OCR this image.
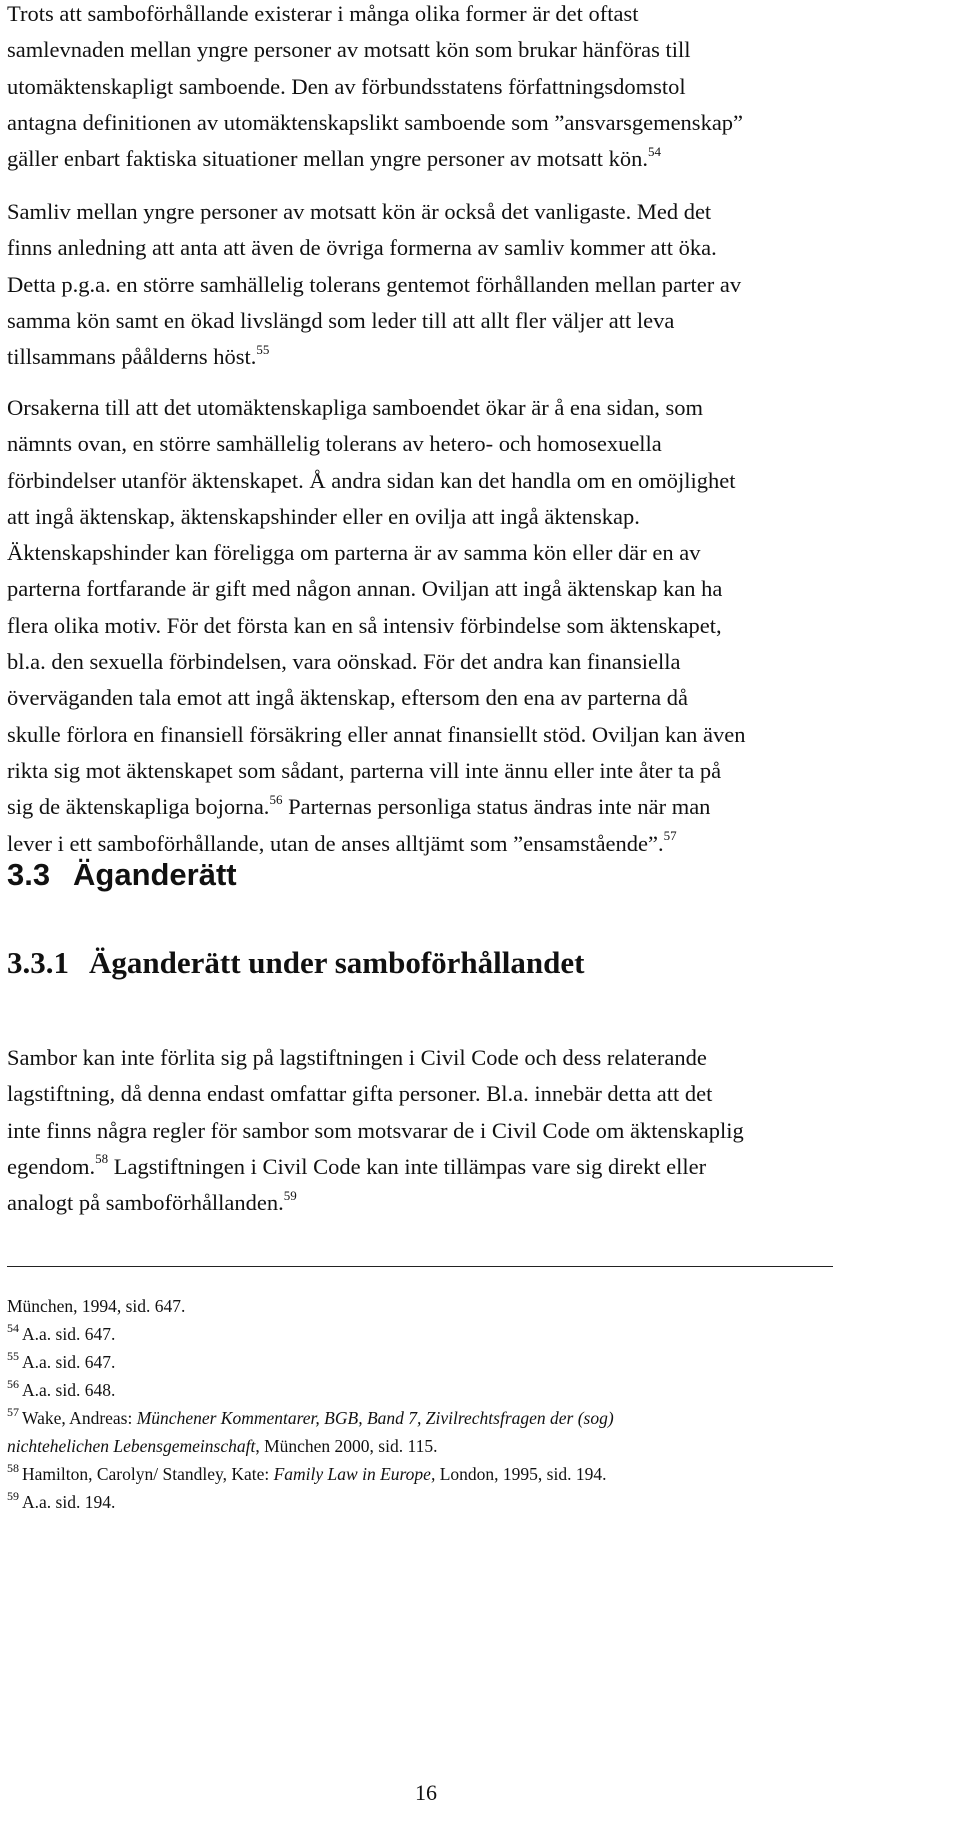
Trots att samboförhållande existerar i många olika former är det oftast
samlevnaden mellan yngre personer av motsatt kön som brukar hänföras till
utomäktenskapligt samboende. Den av förbundsstatens författningsdomstol
antagna definitionen av utomäktenskapslikt samboende som ”ansvarsgemenskap”
gäller enbart faktiska situationer mellan yngre personer av motsatt kön.$^{54}$

Samliv mellan yngre personer av motsatt kön är också det vanligaste. Med det
finns anledning att anta att även de övriga formerna av samliv kommer att öka.
Detta p.g.a. en större samhällelig tolerans gentemot förhållanden mellan parter av
samma kön samt en ökad livslängd som leder till att allt fler väljer att leva
tillsammans påålderns höst.$^{55}$

Orsakerna till att det utomäktenskapliga samboendet ökar är å ena sidan, som
nämnts ovan, en större samhällelig tolerans av hetero- och homosexuella
förbindelser utanför äktenskapet. Å andra sidan kan det handla om en omöjlighet
att ingå äktenskap, äktenskapshinder eller en ovilja att ingå äktenskap.
Äktenskapshinder kan föreligga om parterna är av samma kön eller där en av
parterna fortfarande är gift med någon annan. Oviljan att ingå äktenskap kan ha
flera olika motiv. För det första kan en så intensiv förbindelse som äktenskapet,
bl.a. den sexuella förbindelsen, vara oönskad. För det andra kan finansiella
överväganden tala emot att ingå äktenskap, eftersom den ena av parterna då
skulle förlora en finansiell försäkring eller annat finansiellt stöd. Oviljan kan även
rikta sig mot äktenskapet som sådant, parterna vill inte ännu eller inte åter ta på
sig de äktenskapliga bojorna.$^{56}$ Parternas personliga status ändras inte när man
lever i ett samboförhållande, utan de anses alltjämt som ”ensamstående”.$^{57}$

3.3 Äganderätt
3.3.1 Äganderätt under samboförhållandet

Sambor kan inte förlita sig på lagstiftningen i Civil Code och dess relaterande
lagstiftning, då denna endast omfattar gifta personer. Bl.a. innebär detta att det
inte finns några regler för sambor som motsvarar de i Civil Code om äktenskaplig
egendom.$^{58}$ Lagstiftningen i Civil Code kan inte tillämpas vare sig direkt eller
analogt på samboförhållanden.$^{59}$

München, 1994, sid. 647.

$^{54}$ A.a. sid. 647.

$^{55}$ A.a. sid. 647.

$^{56}$ A.a. sid. 648.

$^{57}$ Wake, Andreas: Münchener Kommentarer, BGB, Band 7, Zivilrechtsfragen der (sog)

nichtehelichen Lebensgemeinschaft, München 2000, sid. 115.

$^{58}$ Hamilton, Carolyn/ Standley, Kate: Family Law in Europe, London, 1995, sid. 194.

$^{59}$ A.a. sid. 194.

16
